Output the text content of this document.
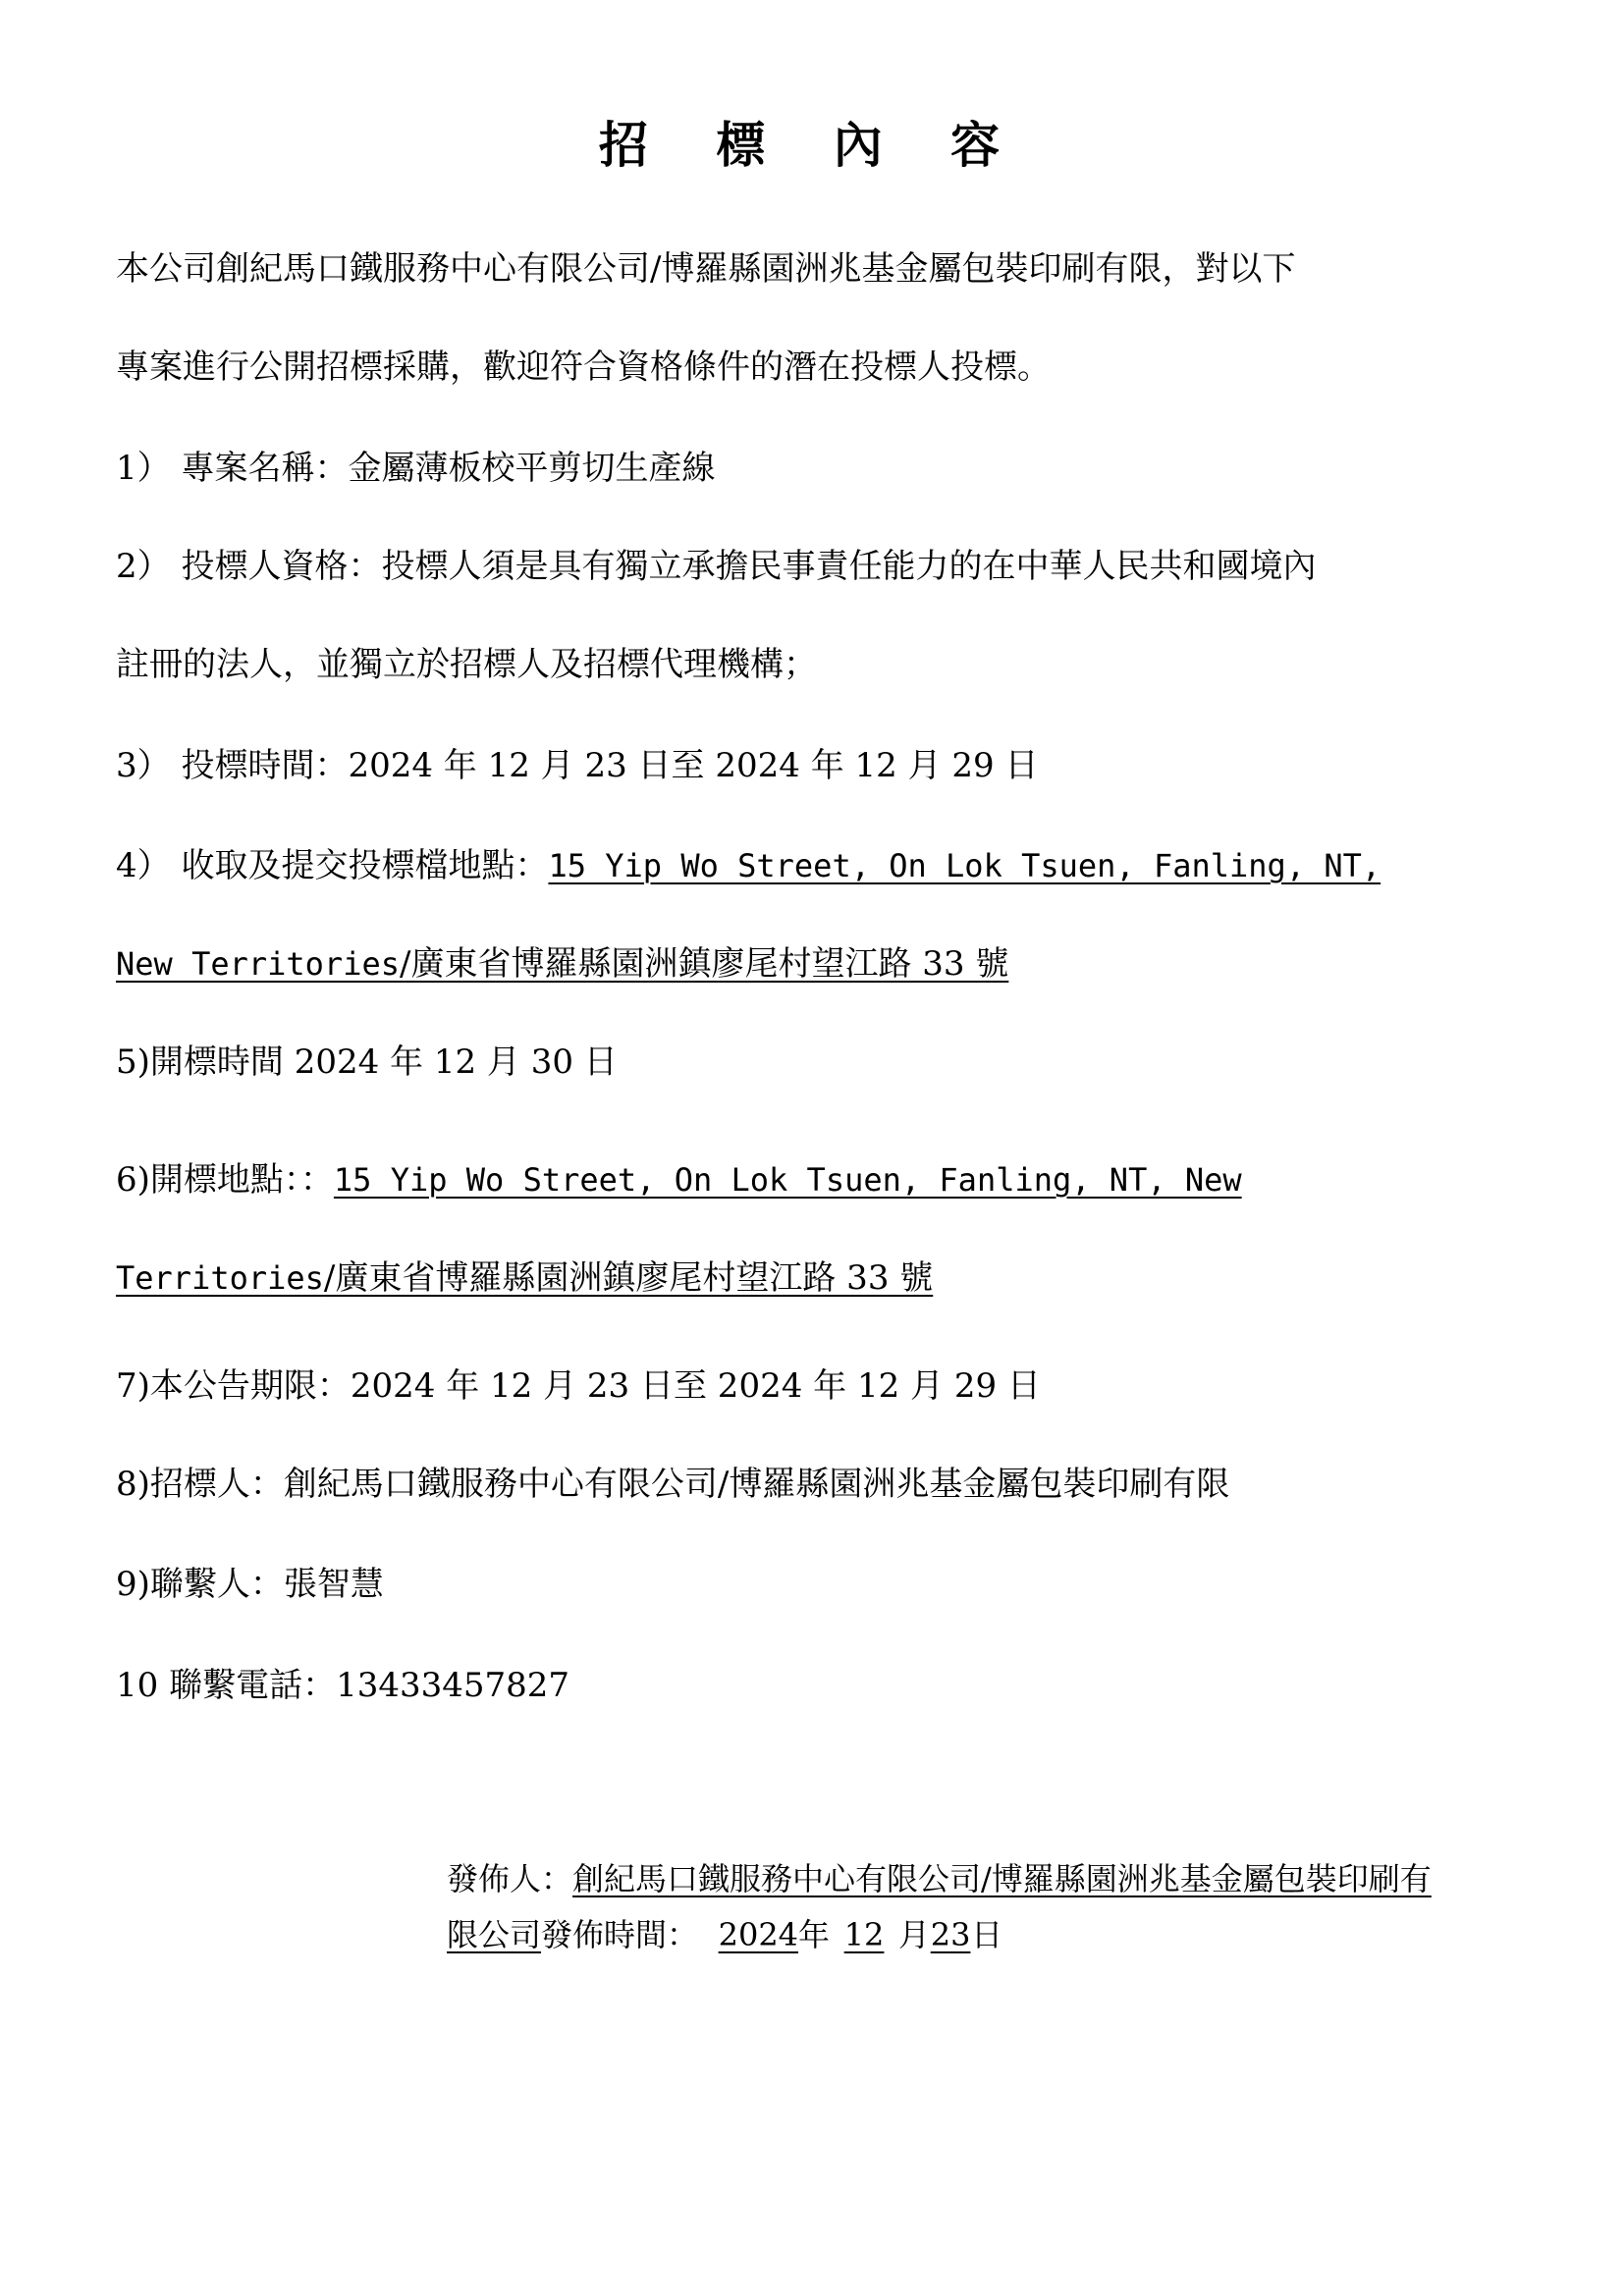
招 標 內 容
本公司創紀馬口鐵服務中心有限公司/博羅縣園洲兆基金屬包裝印刷有限，對以下
專案進行公開招標採購，歡迎符合資格條件的潛在投標人投標。
1） 專案名稱：金屬薄板校平剪切生產線
2） 投標人資格：投標人須是具有獨立承擔民事責任能力的在中華人民共和國境內
註冊的法人，並獨立於招標人及招標代理機構；
3） 投標時間：2024 年 12 月 23 日至 2024 年 12 月 29 日
4） 收取及提交投標檔地點：15 Yip Wo Street, On Lok Tsuen, Fanling, NT,
New Territories/廣東省博羅縣園洲鎮廖尾村望江路 33 號
5)開標時間 2024 年 12 月 30 日
6)開標地點：：15 Yip Wo Street, On Lok Tsuen, Fanling, NT, New
Territories/廣東省博羅縣園洲鎮廖尾村望江路 33 號
7)本公告期限：2024 年 12 月 23 日至 2024 年 12 月 29 日
8)招標人：創紀馬口鐵服務中心有限公司/博羅縣園洲兆基金屬包裝印刷有限
9)聯繫人：張智慧
10 聯繫電話：13433457827
發佈人：創紀馬口鐵服務中心有限公司/博羅縣園洲兆基金屬包裝印刷有
限公司發佈時間： 2024年 12 月23日
